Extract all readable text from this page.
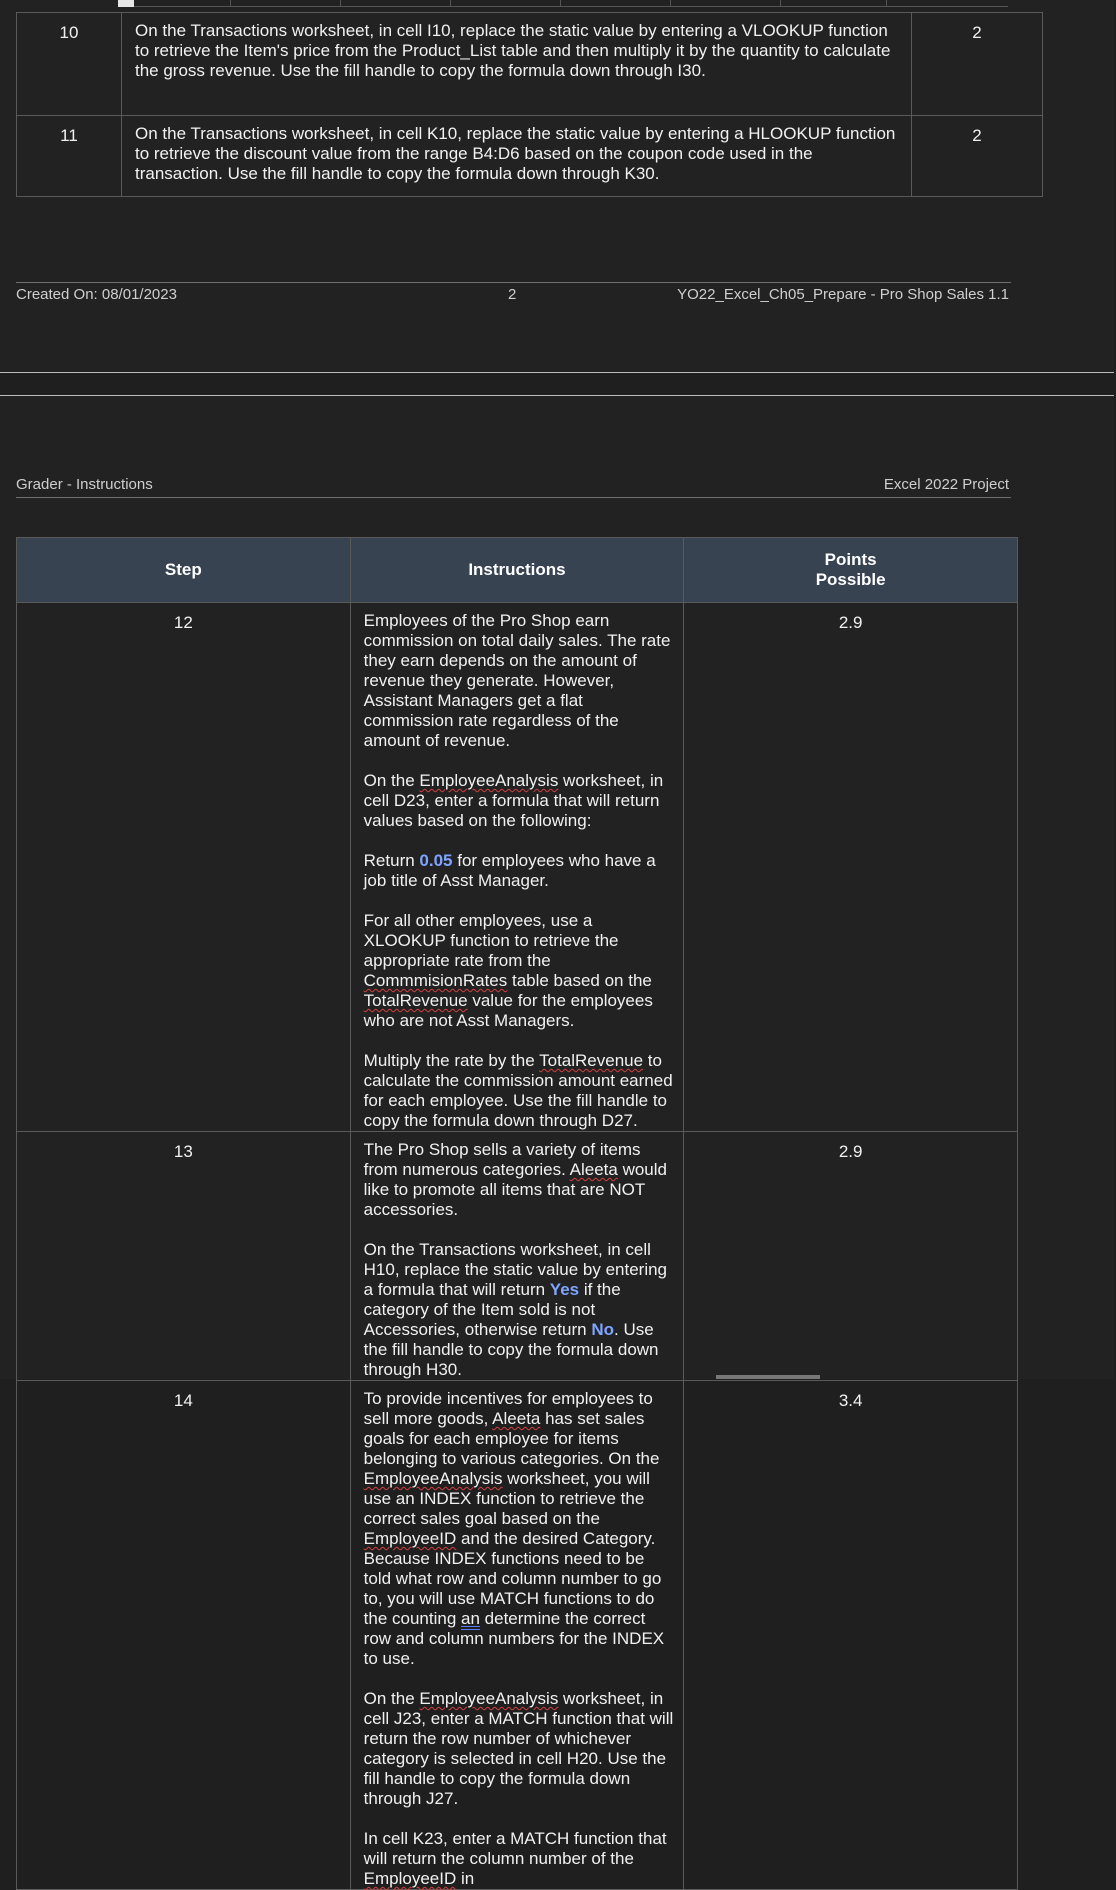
10	On the Transactions worksheet, in cell I10, replace the static value by entering a VLOOKUP function to retrieve the Item's price from the Product_List table and then multiply it by the quantity to calculate the gross revenue. Use the fill handle to copy the formula down through I30.	2
11	On the Transactions worksheet, in cell K10, replace the static value by entering a HLOOKUP function to retrieve the discount value from the range B4:D6 based on the coupon code used in the transaction. Use the fill handle to copy the formula down through K30.	2
Created On: 08/01/2023	2	YO22_Excel_Ch05_Prepare - Pro Shop Sales 1.1
Grader - Instructions	Excel 2022 Project
Step	Instructions	Points Possible
12	Employees of the Pro Shop earn commission on total daily sales. The rate they earn depends on the amount of revenue they generate. However, Assistant Managers get a flat commission rate regardless of the amount of revenue.

On the EmployeeAnalysis worksheet, in cell D23, enter a formula that will return values based on the following:

Return 0.05 for employees who have a job title of Asst Manager.

For all other employees, use a XLOOKUP function to retrieve the appropriate rate from the CommmisionRates table based on the TotalRevenue value for the employees who are not Asst Managers.

Multiply the rate by the TotalRevenue to calculate the commission amount earned for each employee. Use the fill handle to copy the formula down through D27.	2.9
13	The Pro Shop sells a variety of items from numerous categories. Aleeta would like to promote all items that are NOT accessories.

On the Transactions worksheet, in cell H10, replace the static value by entering a formula that will return Yes if the category of the Item sold is not Accessories, otherwise return No. Use the fill handle to copy the formula down through H30.	2.9
14	To provide incentives for employees to sell more goods, Aleeta has set sales goals for each employee for items belonging to various categories. On the EmployeeAnalysis worksheet, you will use an INDEX function to retrieve the correct sales goal based on the EmployeeID and the desired Category. Because INDEX functions need to be told what row and column number to go to, you will use MATCH functions to do the counting an determine the correct row and column numbers for the INDEX to use.

On the EmployeeAnalysis worksheet, in cell J23, enter a MATCH function that will return the row number of whichever category is selected in cell H20. Use the fill handle to copy the formula down through J27.

In cell K23, enter a MATCH function that will return the column number of the EmployeeID in	3.4
